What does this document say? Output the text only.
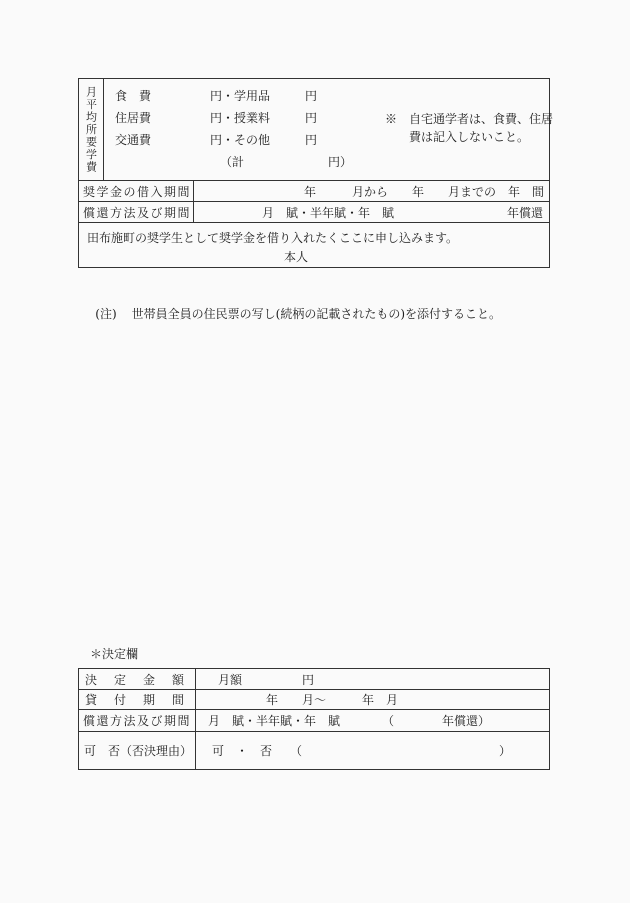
月平均所要学費 食　費	円・学用品	円
住居費	円・授業料	円
交通費	円・その他	円
（計	円）
※　自宅通学者は、食費、住居
費は記入しないこと。
奨学金の借入期間	年　　　月から　　年　　月までの　年　間
償還方法及び期間	月　賦・半年賦・年　賦	年償還
田布施町の奨学生として奨学金を借り入れたくここに申し込みます。
本人

(注) 世帯員全員の住民票の写し(続柄の記載されたもの)を添付すること。

＊決定欄
決　定　金　額	月額　　　　　円
貸　付　期　間	年　　月～　　　年　月
償還方法及び期間	月　賦・半年賦・年　賦　　　　（　　　　年償還）
可　否（否決理由）	可　・　否　　（	）
